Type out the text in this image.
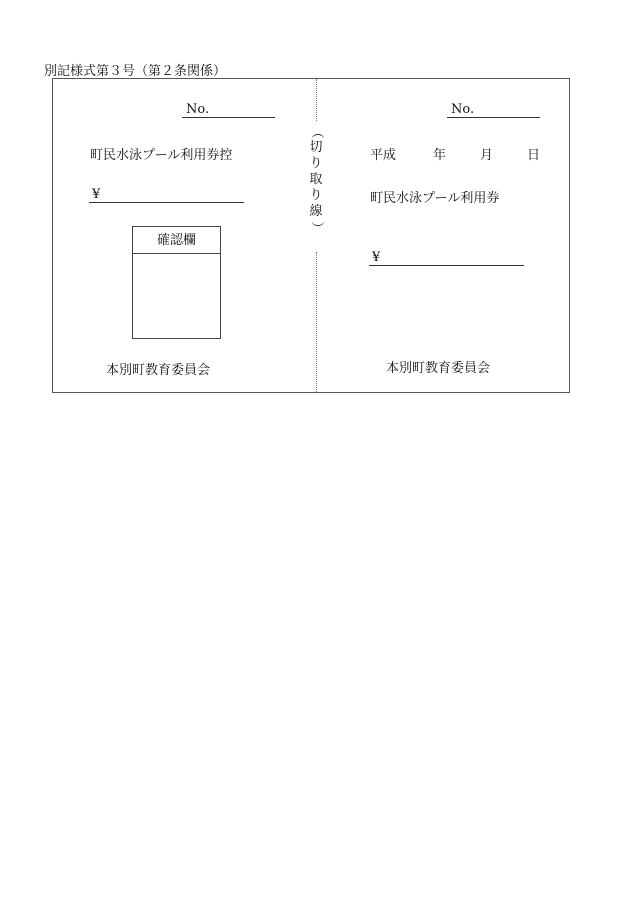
別記様式第３号（第２条関係）
（
切
り
取
り
線
）
No.
町民水泳プール利用券控
¥
確認欄
本別町教育委員会
No.
平成	年	月	日
町民水泳プール利用券
¥
本別町教育委員会
